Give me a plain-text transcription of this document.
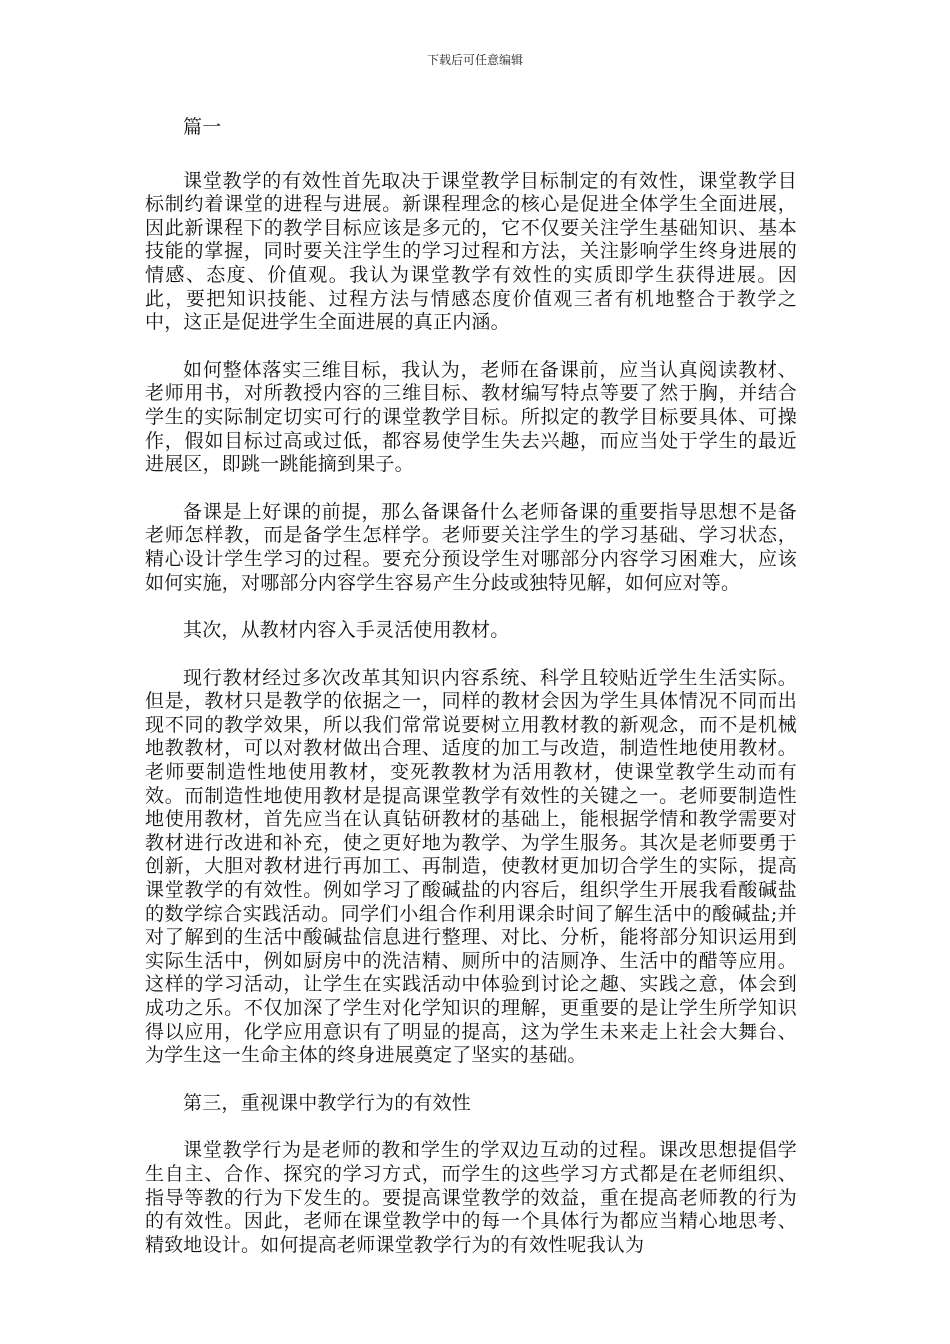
下载后可任意编辑

篇一

课堂教学的有效性首先取决于课堂教学目标制定的有效性，课堂教学目标制约着课堂的进程与进展。新课程理念的核心是促进全体学生全面进展，因此新课程下的教学目标应该是多元的，它不仅要关注学生基础知识、基本技能的掌握，同时要关注学生的学习过程和方法，关注影响学生终身进展的情感、态度、价值观。我认为课堂教学有效性的实质即学生获得进展。因此，要把知识技能、过程方法与情感态度价值观三者有机地整合于教学之中，这正是促进学生全面进展的真正内涵。

如何整体落实三维目标，我认为，老师在备课前，应当认真阅读教材、老师用书，对所教授内容的三维目标、教材编写特点等要了然于胸，并结合学生的实际制定切实可行的课堂教学目标。所拟定的教学目标要具体、可操作，假如目标过高或过低，都容易使学生失去兴趣，而应当处于学生的最近进展区，即跳一跳能摘到果子。

备课是上好课的前提，那么备课备什么老师备课的重要指导思想不是备老师怎样教，而是备学生怎样学。老师要关注学生的学习基础、学习状态，精心设计学生学习的过程。要充分预设学生对哪部分内容学习困难大，应该如何实施，对哪部分内容学生容易产生分歧或独特见解，如何应对等。

其次，从教材内容入手灵活使用教材。

现行教材经过多次改革其知识内容系统、科学且较贴近学生生活实际。但是，教材只是教学的依据之一，同样的教材会因为学生具体情况不同而出现不同的教学效果，所以我们常常说要树立用教材教的新观念，而不是机械地教教材，可以对教材做出合理、适度的加工与改造，制造性地使用教材。老师要制造性地使用教材，变死教教材为活用教材，使课堂教学生动而有效。而制造性地使用教材是提高课堂教学有效性的关键之一。老师要制造性地使用教材，首先应当在认真钻研教材的基础上，能根据学情和教学需要对教材进行改进和补充，使之更好地为教学、为学生服务。其次是老师要勇于创新，大胆对教材进行再加工、再制造，使教材更加切合学生的实际，提高课堂教学的有效性。例如学习了酸碱盐的内容后，组织学生开展我看酸碱盐的数学综合实践活动。同学们小组合作利用课余时间了解生活中的酸碱盐;并对了解到的生活中酸碱盐信息进行整理、对比、分析，能将部分知识运用到实际生活中，例如厨房中的洗洁精、厕所中的洁厕净、生活中的醋等应用。这样的学习活动，让学生在实践活动中体验到讨论之趣、实践之意，体会到成功之乐。不仅加深了学生对化学知识的理解，更重要的是让学生所学知识得以应用，化学应用意识有了明显的提高，这为学生未来走上社会大舞台、为学生这一生命主体的终身进展奠定了坚实的基础。

第三，重视课中教学行为的有效性

课堂教学行为是老师的教和学生的学双边互动的过程。课改思想提倡学生自主、合作、探究的学习方式，而学生的这些学习方式都是在老师组织、指导等教的行为下发生的。要提高课堂教学的效益，重在提高老师教的行为的有效性。因此，老师在课堂教学中的每一个具体行为都应当精心地思考、精致地设计。如何提高老师课堂教学行为的有效性呢我认为
